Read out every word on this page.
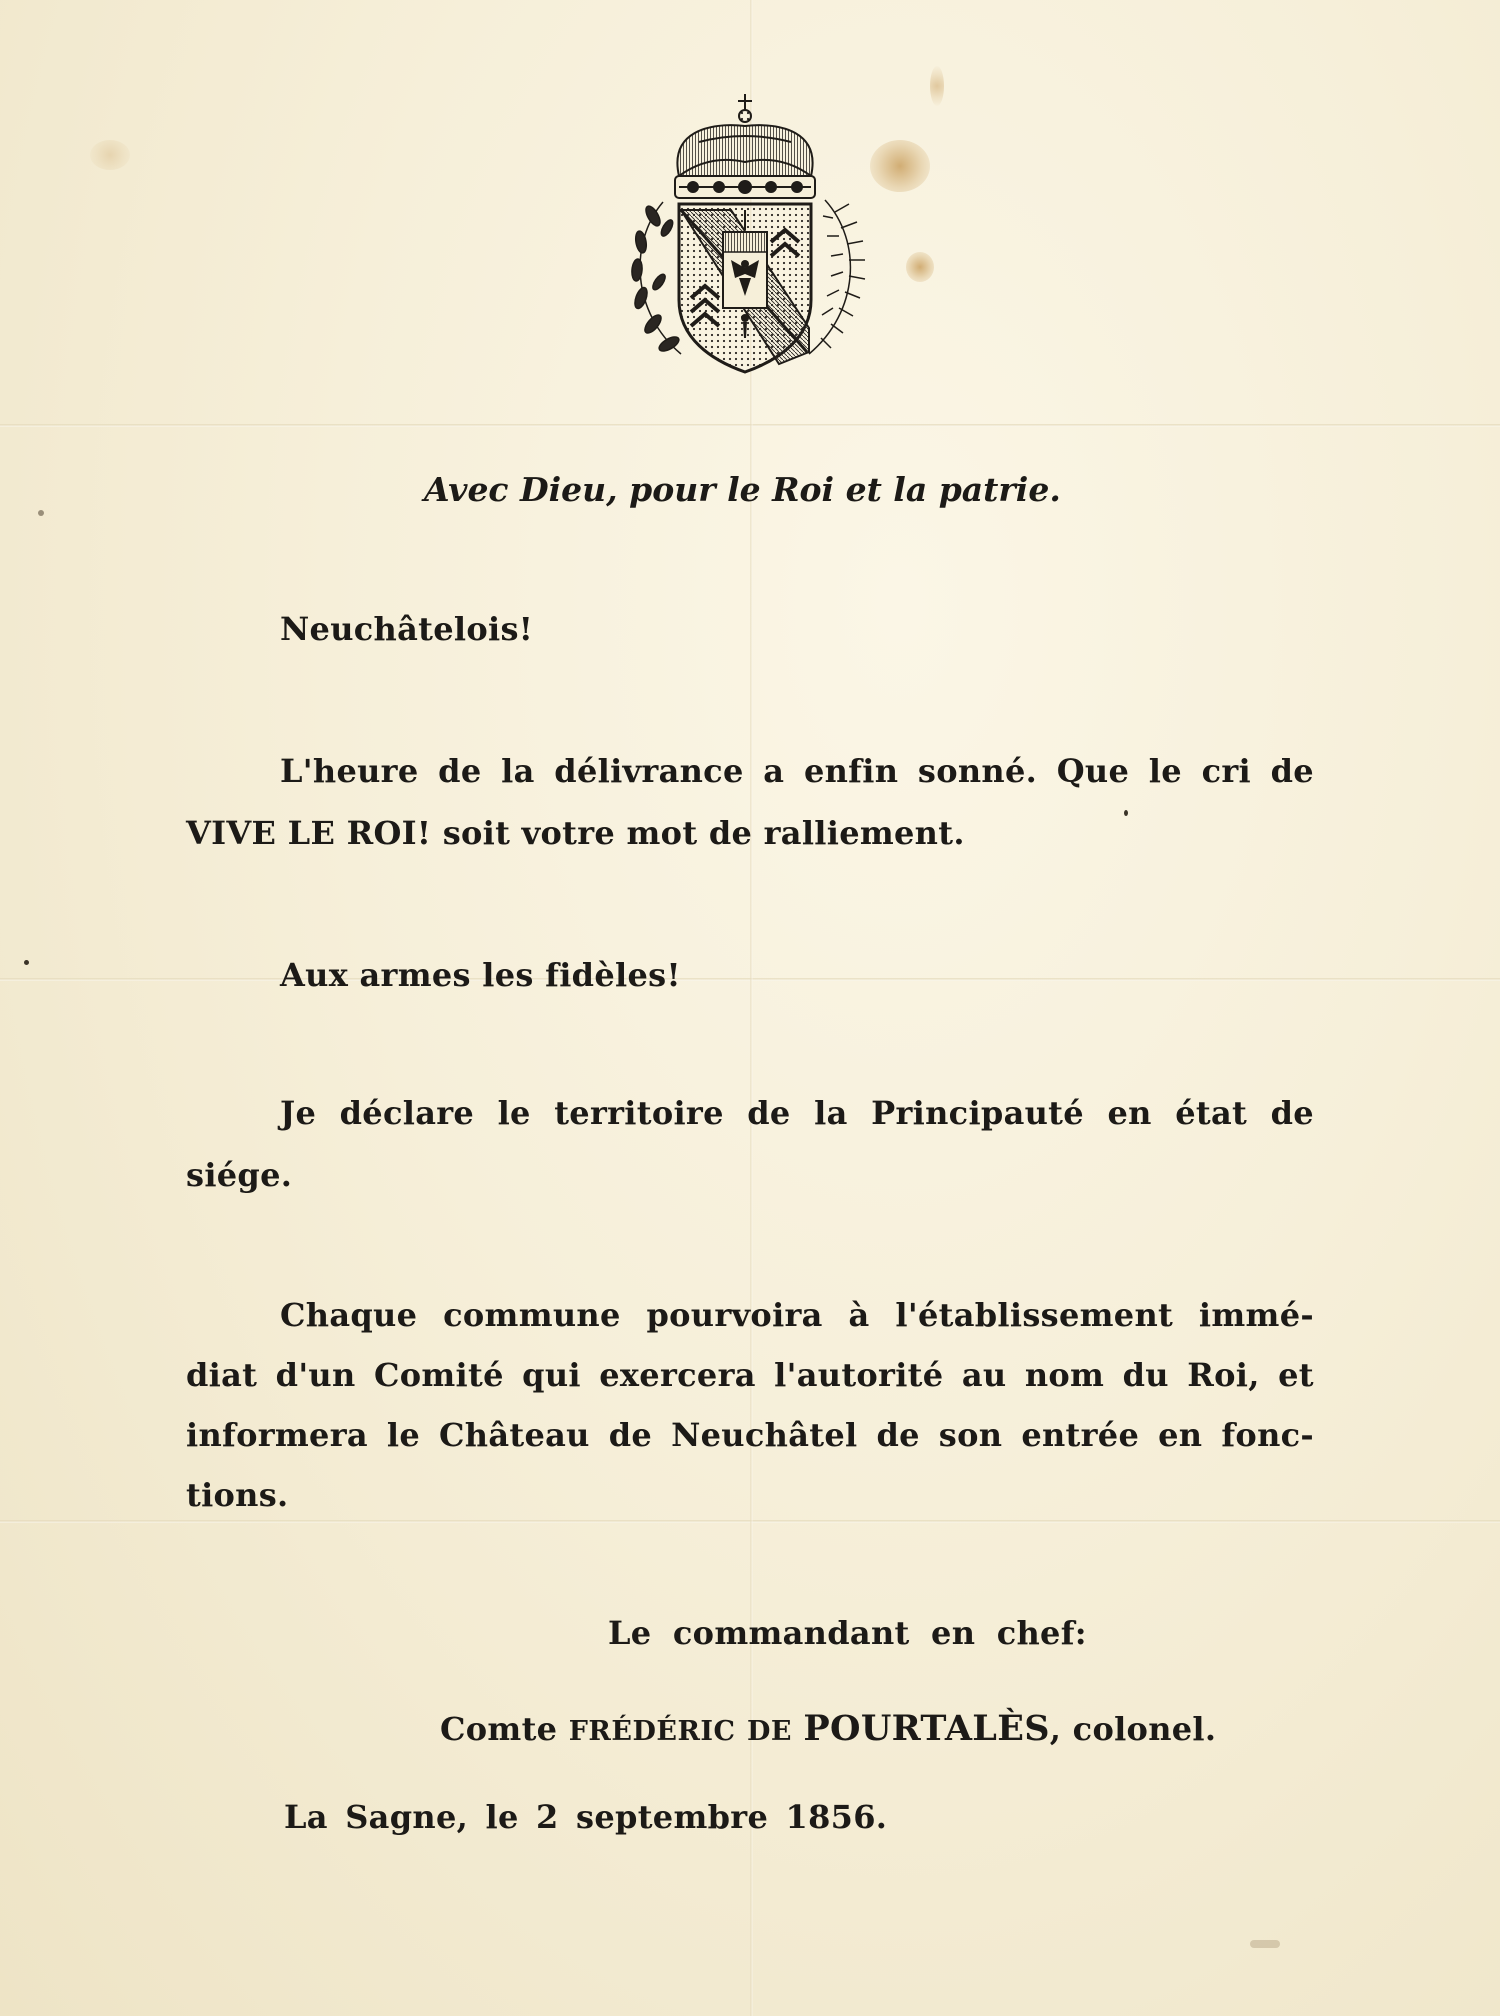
Avec Dieu, pour le Roi et la patrie.

Neuchâtelois!

L'heure de la délivrance a enfin sonné. Que le cri de

VIVE LE ROI! soit votre mot de ralliement.

Aux armes les fidèles!

Je déclare le territoire de la Principauté en état de

siége.

Chaque commune pourvoira à l'établissement immé-

diat d'un Comité qui exercera l'autorité au nom du Roi, et

informera le Château de Neuchâtel de son entrée en fonc-

tions.

Le commandant en chef:

Comte FRÉDÉRIC DE POURTALÈS, colonel.

La Sagne, le 2 septembre 1856.
